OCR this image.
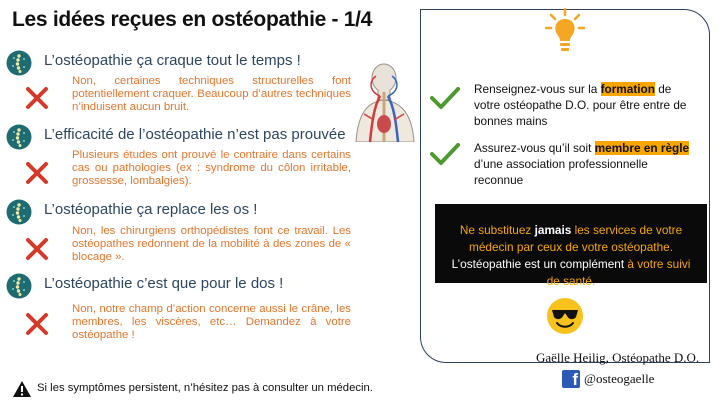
Les idées reçues en ostéopathie - 1/4
L’ostéopathie ça craque tout le temps !
Non, certaines techniques structurelles font potentiellement craquer. Beaucoup d’autres techniques n’induisent aucun bruit.
L’efficacité de l’ostéopathie n’est pas prouvée
Plusieurs études ont prouvé le contraire dans certains cas ou pathologies (ex : syndrome du côlon irritable, grossesse, lombalgies).
L’ostéopathie ça replace les os !
Non, les chirurgiens orthopédistes font ce travail. Les ostéopathes redonnent de la mobilité à des zones de « blocage ».
L’ostéopathie c’est que pour le dos !
Non, notre champ d’action concerne aussi le crâne, les membres, les viscères, etc… Demandez à votre ostéopathe !
Renseignez-vous sur la formation de votre ostéopathe D.O. pour être entre de bonnes mains
Assurez-vous qu’il soit membre en règle d’une association professionnelle reconnue
Ne substituez jamais les services de votre médecin par ceux de votre ostéopathe. L’ostéopathie est un complément à votre suivi de santé.
Gaëlle Heilig, Ostéopathe D.O.
f @osteogaelle
Si les symptômes persistent, n’hésitez pas à consulter un médecin.
